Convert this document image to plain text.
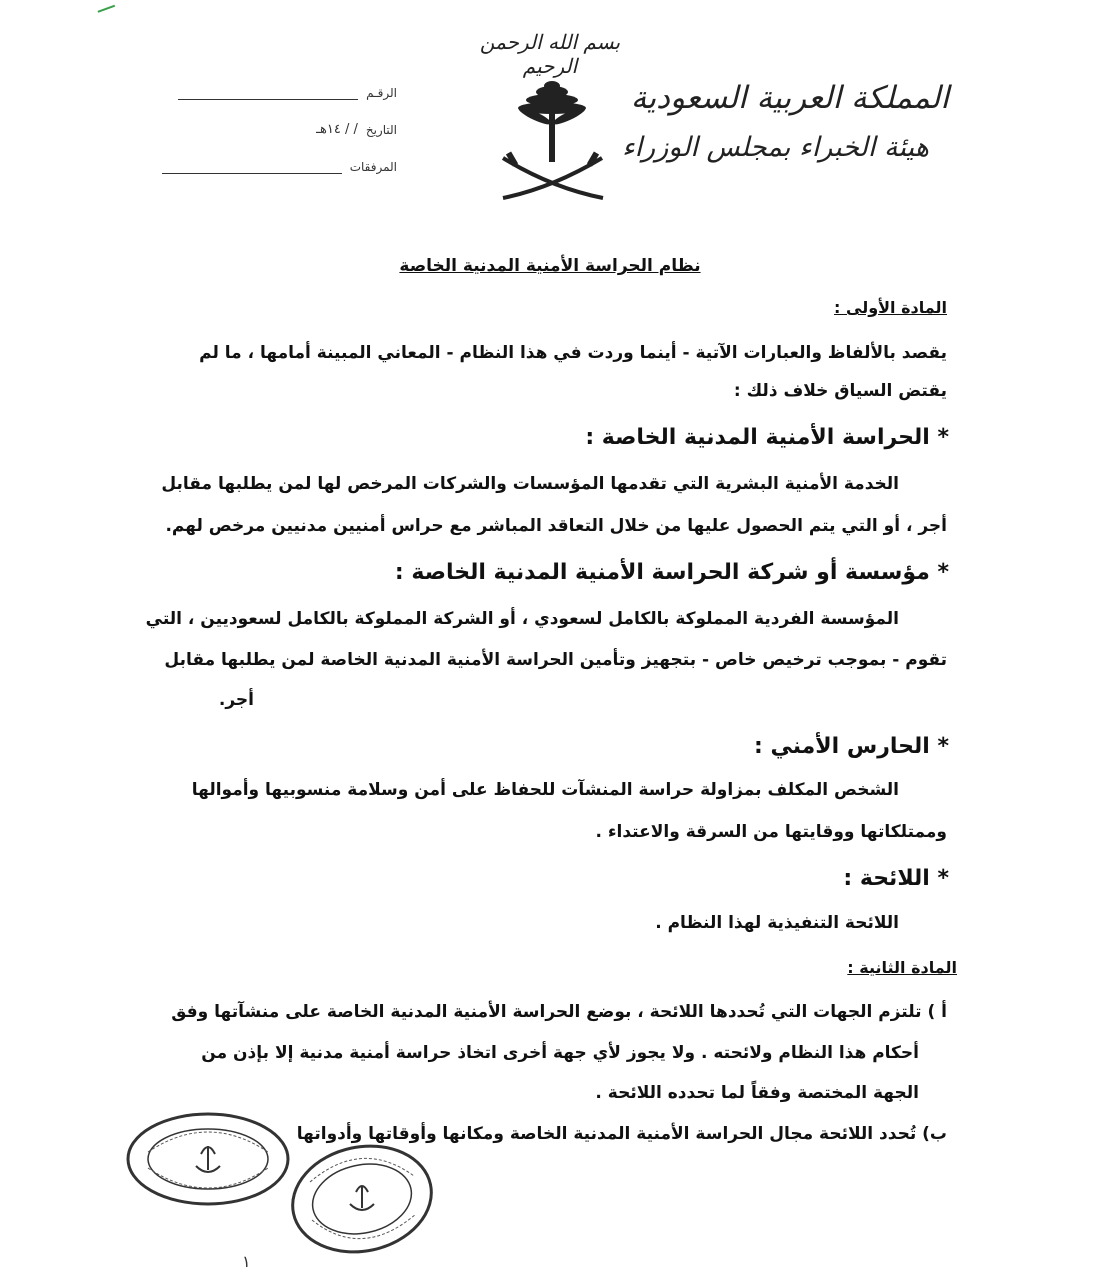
بسم الله الرحمن الرحيم
المملكة العربية السعودية
هيئة الخبراء بمجلس الوزراء
الرقـم
التاريخ
١٤هـ / /
المرفقات
نظام الحراسة الأمنية المدنية الخاصة
المادة الأولى :
يقصد بالألفاظ والعبارات الآتية - أينما وردت في هذا النظام - المعاني المبينة أمامها ، ما لم
يقتض السياق خلاف ذلك :
* الحراسة الأمنية المدنية الخاصة :
الخدمة الأمنية البشرية التي تقدمها المؤسسات والشركات المرخص لها لمن يطلبها مقابل
أجر ، أو التي يتم الحصول عليها من خلال التعاقد المباشر مع حراس أمنيين مدنيين مرخص لهم.
* مؤسسة أو شركة الحراسة الأمنية المدنية الخاصة :
المؤسسة الفردية المملوكة بالكامل لسعودي ، أو الشركة المملوكة بالكامل لسعوديين ، التي
تقوم - بموجب ترخيص خاص - بتجهيز وتأمين الحراسة الأمنية المدنية الخاصة لمن يطلبها مقابل
أجر.
* الحارس الأمني :
الشخص المكلف بمزاولة حراسة المنشآت للحفاظ على أمن وسلامة منسوبيها وأموالها
وممتلكاتها ووقايتها من السرقة والاعتداء .
* اللائحة :
اللائحة التنفيذية لهذا النظام .
المادة الثانية :
أ ) تلتزم الجهات التي تُحددها اللائحة ، بوضع الحراسة الأمنية المدنية الخاصة على منشآتها وفق
أحكام هذا النظام ولائحته . ولا يجوز لأي جهة أخرى اتخاذ حراسة أمنية مدنية إلا بإذن من
الجهة المختصة وفقاً لما تحدده اللائحة .
ب) تُحدد اللائحة مجال الحراسة الأمنية المدنية الخاصة ومكانها وأوقاتها وأدواتها
١
